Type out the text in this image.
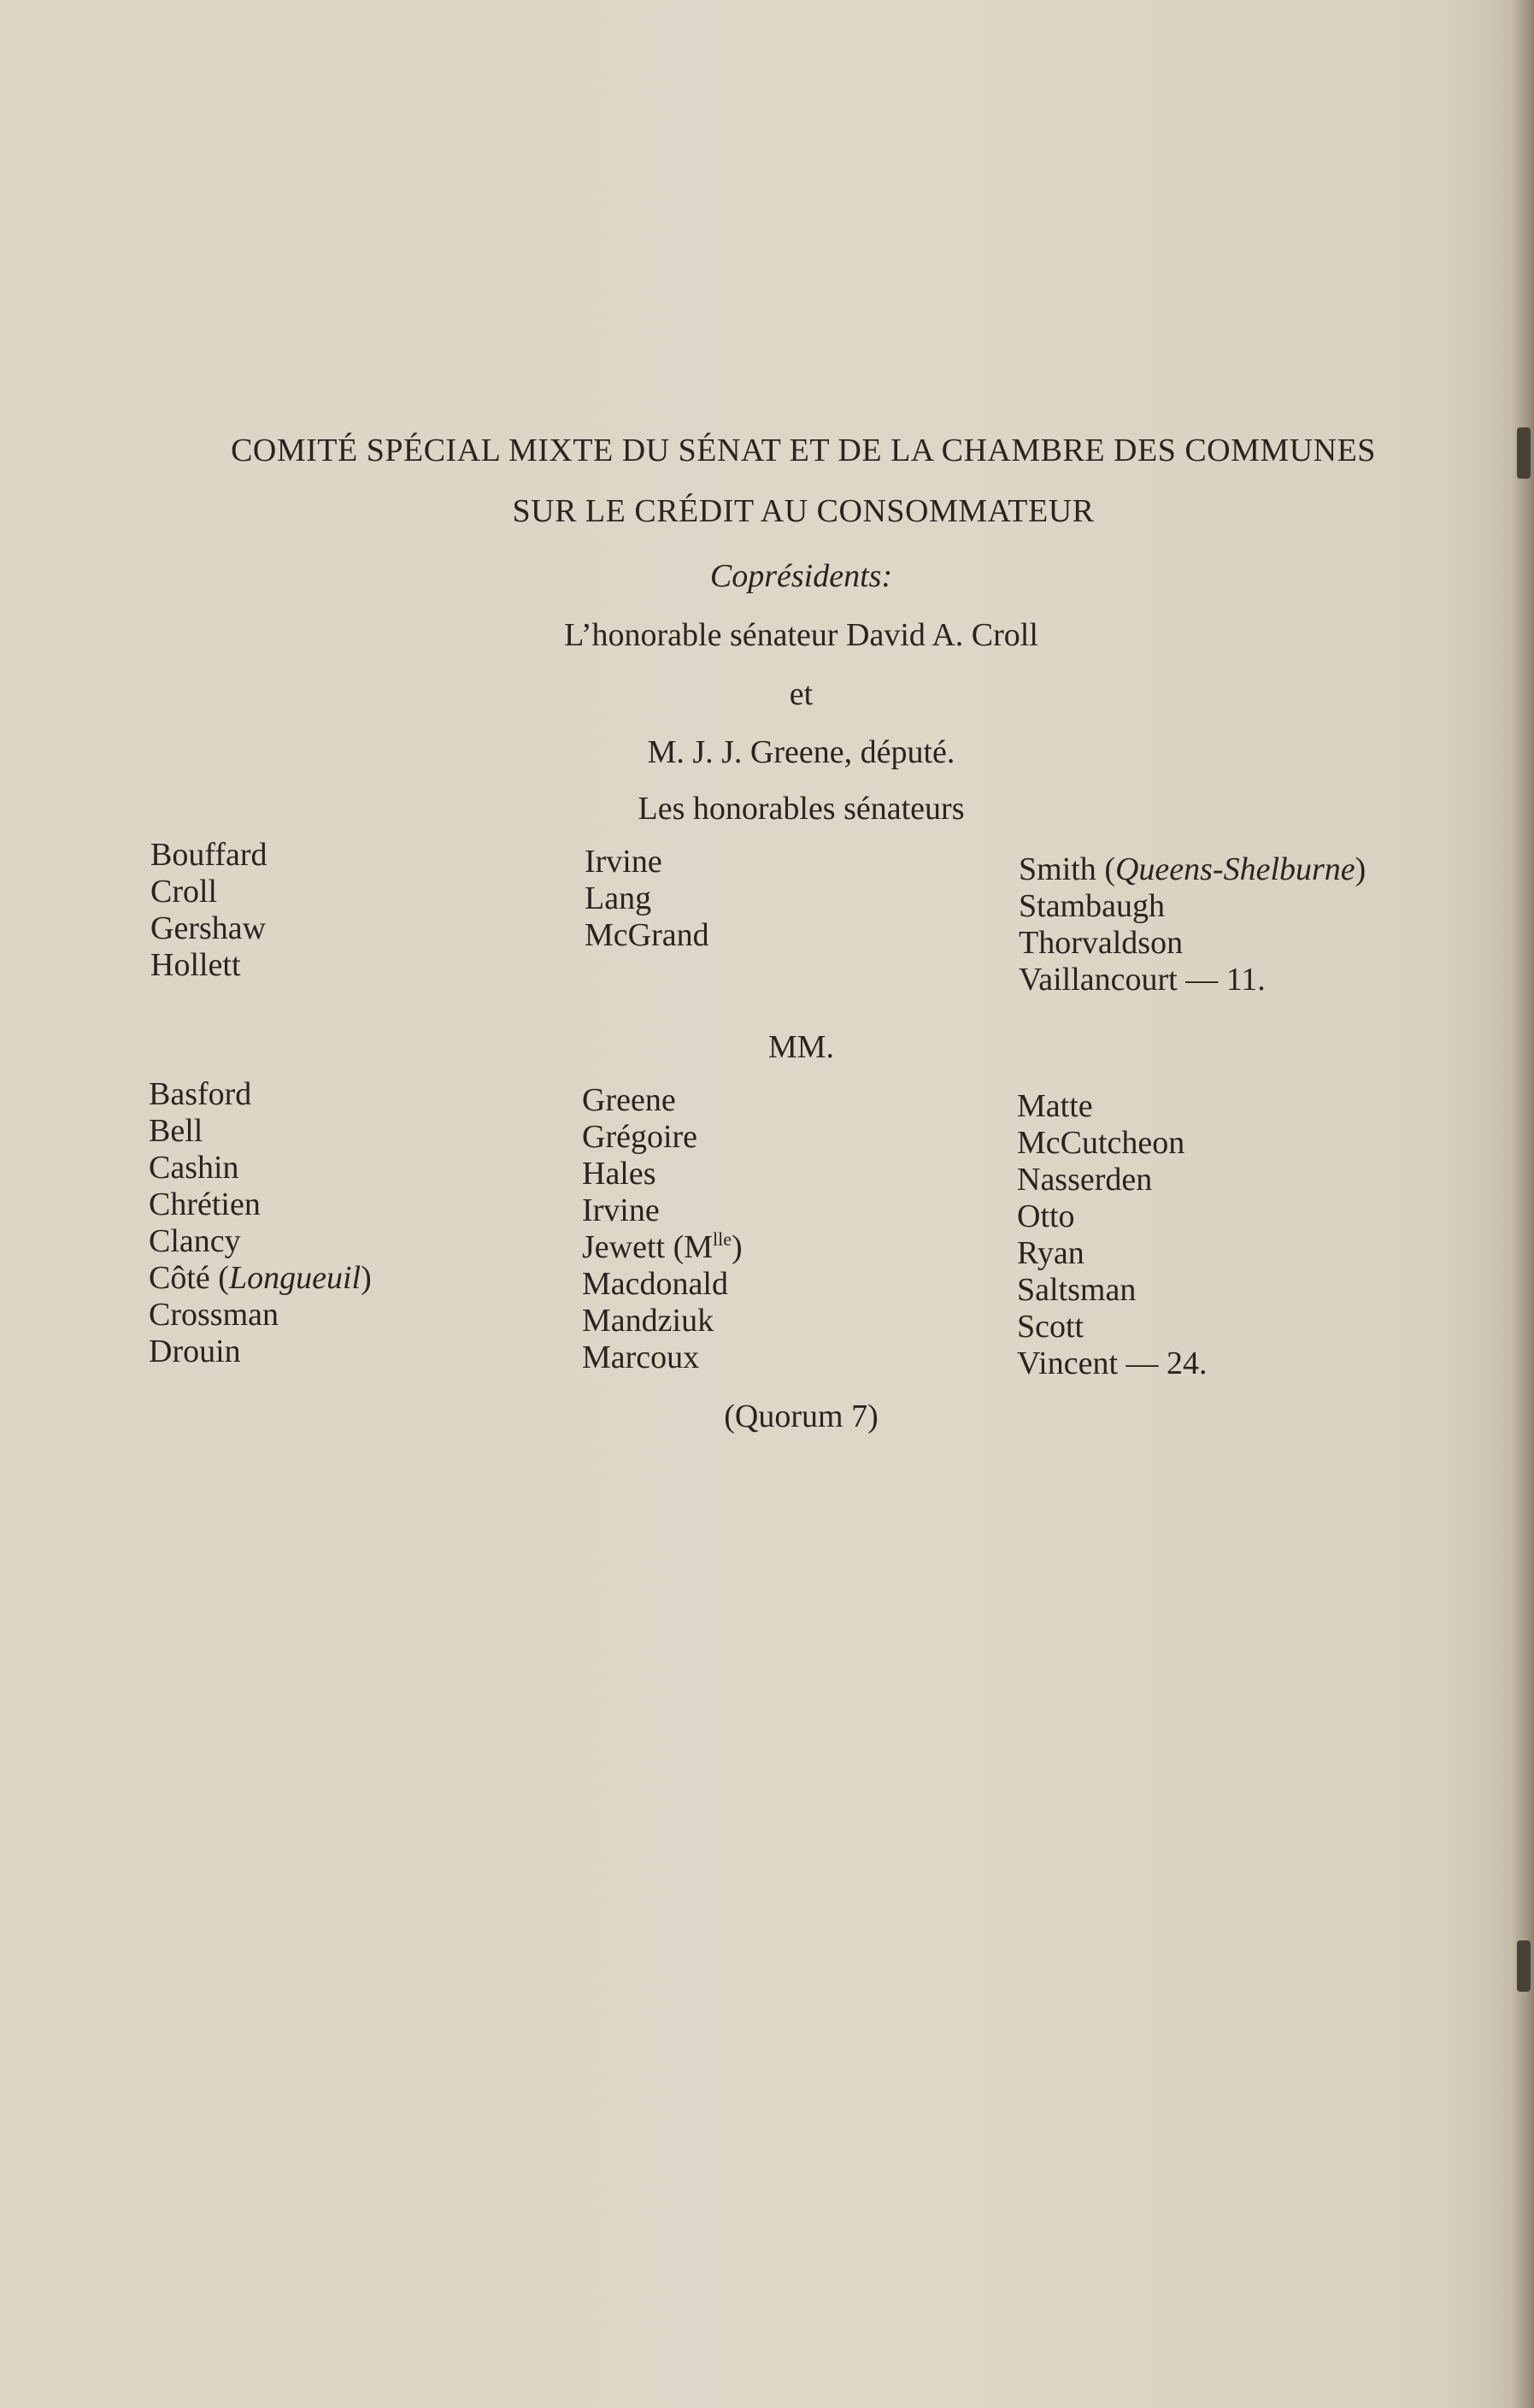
COMITÉ SPÉCIAL MIXTE DU SÉNAT ET DE LA CHAMBRE DES COMMUNES
SUR LE CRÉDIT AU CONSOMMATEUR
Coprésidents:
L’honorable sénateur David A. Croll
et
M. J. J. Greene, député.
Les honorables sénateurs
Bouffard
Croll
Gershaw
Hollett
Irvine
Lang
McGrand
Smith (Queens-Shelburne)
Stambaugh
Thorvaldson
Vaillancourt — 11.
MM.
Basford
Bell
Cashin
Chrétien
Clancy
Côté (Longueuil)
Crossman
Drouin
Greene
Grégoire
Hales
Irvine
Jewett $(M^{lle})$
Macdonald
Mandziuk
Marcoux
Matte
McCutcheon
Nasserden
Otto
Ryan
Saltsman
Scott
Vincent — 24.
(Quorum 7)
